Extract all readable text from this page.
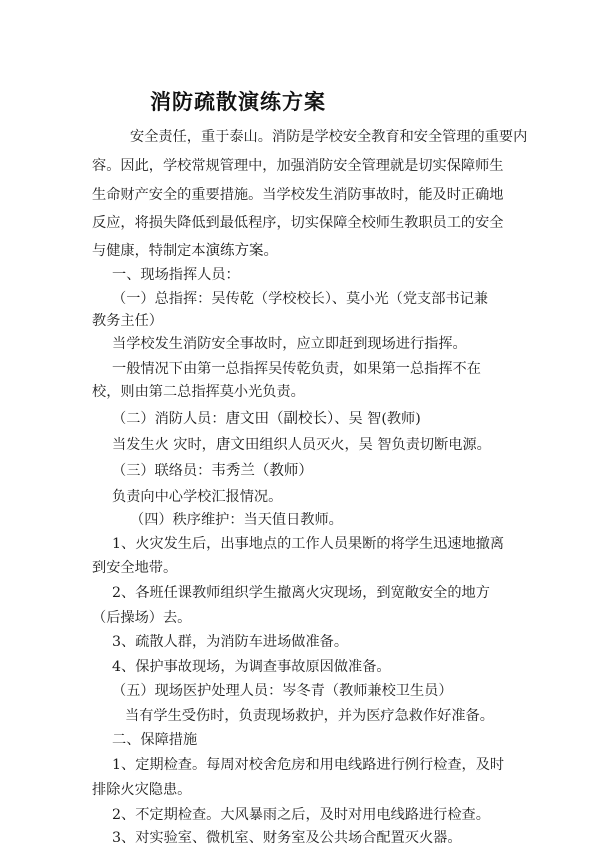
消防疏散演练方案
安全责任，重于泰山。消防是学校安全教育和安全管理的重要内
容。因此，学校常规管理中，加强消防安全管理就是切实保障师生
生命财产安全的重要措施。当学校发生消防事故时，能及时正确地
反应，将损失降低到最低程序，切实保障全校师生教职员工的安全
与健康，特制定本演练方案。
一、现场指挥人员：
（一）总指挥：吴传乾（学校校长）、莫小光（党支部书记兼
教务主任）
当学校发生消防安全事故时，应立即赶到现场进行指挥。
一般情况下由第一总指挥吴传乾负责，如果第一总指挥不在
校，则由第二总指挥莫小光负责。
（二）消防人员：唐文田（副校长）、吴 智(教师)
当发生火 灾时，唐文田组织人员灭火，吴 智负责切断电源。
（三）联络员：韦秀兰（教师）
负责向中心学校汇报情况。
（四）秩序维护：当天值日教师。
1、火灾发生后，出事地点的工作人员果断的将学生迅速地撤离
到安全地带。
2、各班任课教师组织学生撤离火灾现场，到宽敞安全的地方
（后操场）去。
3、疏散人群，为消防车进场做准备。
4、保护事故现场，为调查事故原因做准备。
（五）现场医护处理人员：岑冬青（教师兼校卫生员）
当有学生受伤时，负责现场救护，并为医疗急救作好准备。
二、保障措施
1、定期检查。每周对校舍危房和用电线路进行例行检查，及时
排除火灾隐患。
2、不定期检查。大风暴雨之后，及时对用电线路进行检查。
3、对实验室、微机室、财务室及公共场合配置灭火器。
